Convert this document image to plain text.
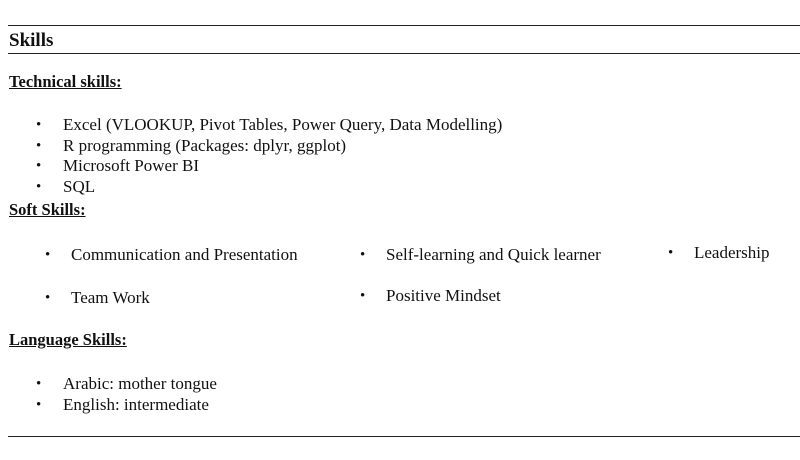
Skills
Technical skills:
• Excel (VLOOKUP, Pivot Tables, Power Query, Data Modelling)
• R programming (Packages: dplyr, ggplot)
• Microsoft Power BI
• SQL
Soft Skills:
• Communication and Presentation	• Self-learning and Quick learner	• Leadership
• Team Work	• Positive Mindset
Language Skills:
• Arabic: mother tongue
• English: intermediate
